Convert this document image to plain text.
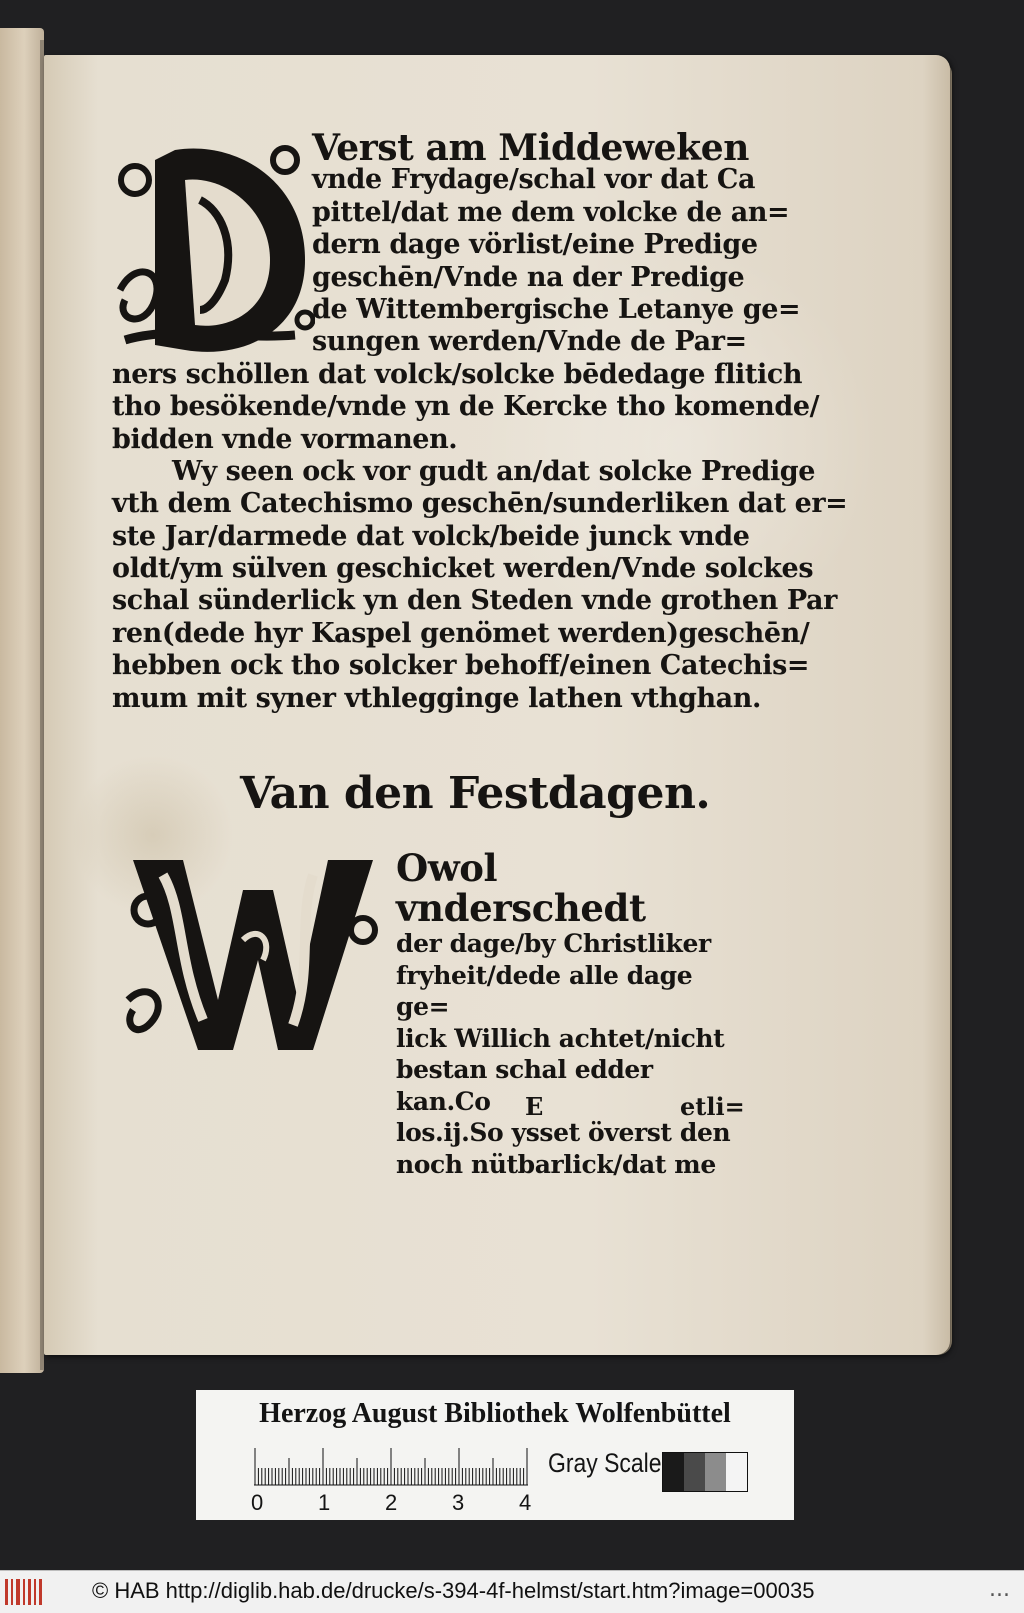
Verst am Middeweken
vnde Frydage/schal vor dat Ca
pittel/dat me dem volcke de an=
dern dage vörlist/eine Predige
geschēn/Vnde na der Predige
de Wittembergische Letanye ge=
sungen werden/Vnde de Par=
ners schöllen dat volck/solcke bēdedage flitich
tho besökende/vnde yn de Kercke tho komende/
bidden vnde vormanen.
Wy seen ock vor gudt an/dat solcke Predige
vth dem Catechismo geschēn/sunderliken dat er=
ste Jar/darmede dat volck/beide junck vnde
oldt/ym sülven geschicket werden/Vnde solckes
schal sünderlick yn den Steden vnde grothen Par
ren(dede hyr Kaspel genömet werden)geschēn/
hebben ock tho solcker behoff/einen Catechis=
mum mit syner vthlegginge lathen vthghan.
Van den Festdagen.
Owol vnderschedt
der dage/by Christliker
fryheit/dede alle dage ge=
lick Willich achtet/nicht
bestan schal edder kan.Co
los.ij.So ysset överst den
noch nütbarlick/dat me
E	etli=
Herzog August Bibliothek Wolfenbüttel
0 1 2 3 4
Gray Scale
© HAB http://diglib.hab.de/drucke/s-394-4f-helmst/start.htm?image=00035	...
